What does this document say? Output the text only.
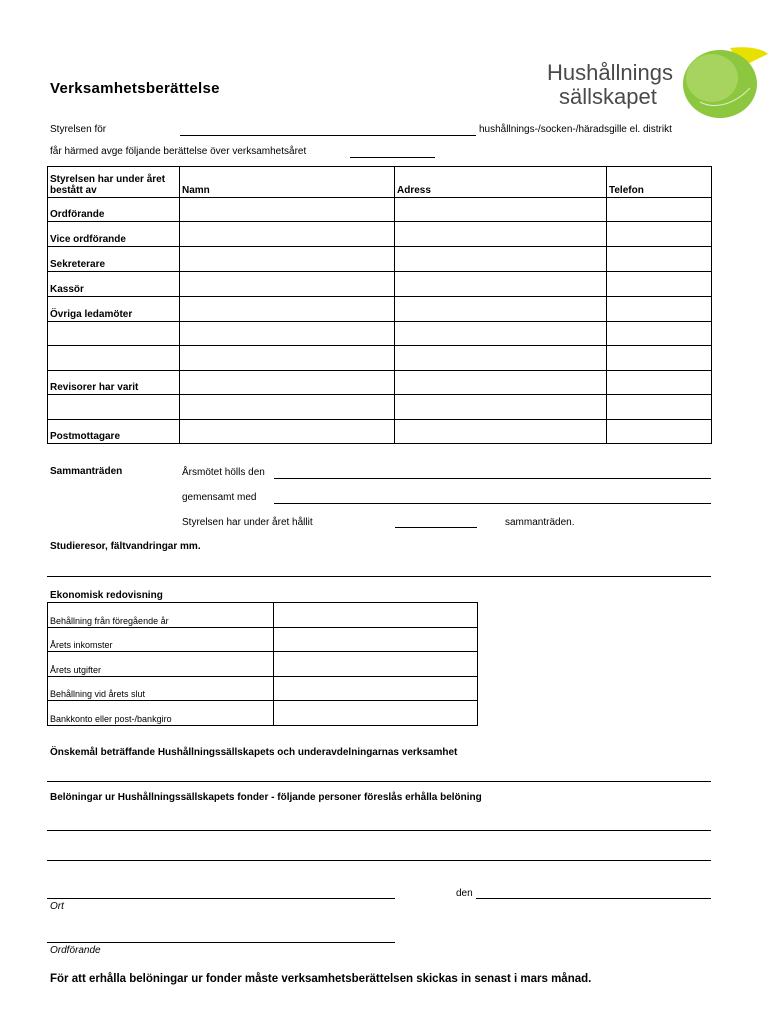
Hushållnings
sällskapet
Verksamhetsberättelse
Styrelsen för	hushållnings-/socken-/häradsgille el. distrikt
får härmed avge följande berättelse över verksamhetsåret
Styrelsen har under året bestått av	Namn	Adress	Telefon
Ordförande			
Vice ordförande			
Sekreterare			
Kassör			
Övriga ledamöter			

Revisorer har varit			

Postmottagare			
Sammanträden	Årsmötet hölls den
gemensamt med
Styrelsen har under året hållit	sammanträden.
Studieresor, fältvandringar mm.
Ekonomisk redovisning
Behållning från föregående år	
Årets inkomster	
Årets utgifter	
Behållning vid årets slut	
Bankkonto eller post-/bankgiro	
Önskemål beträffande Hushållningssällskapets och underavdelningarnas verksamhet
Belöningar ur Hushållningssällskapets fonder - följande personer föreslås erhålla belöning
den
Ort
Ordförande
För att erhålla belöningar ur fonder måste verksamhetsberättelsen skickas in senast i mars månad.
